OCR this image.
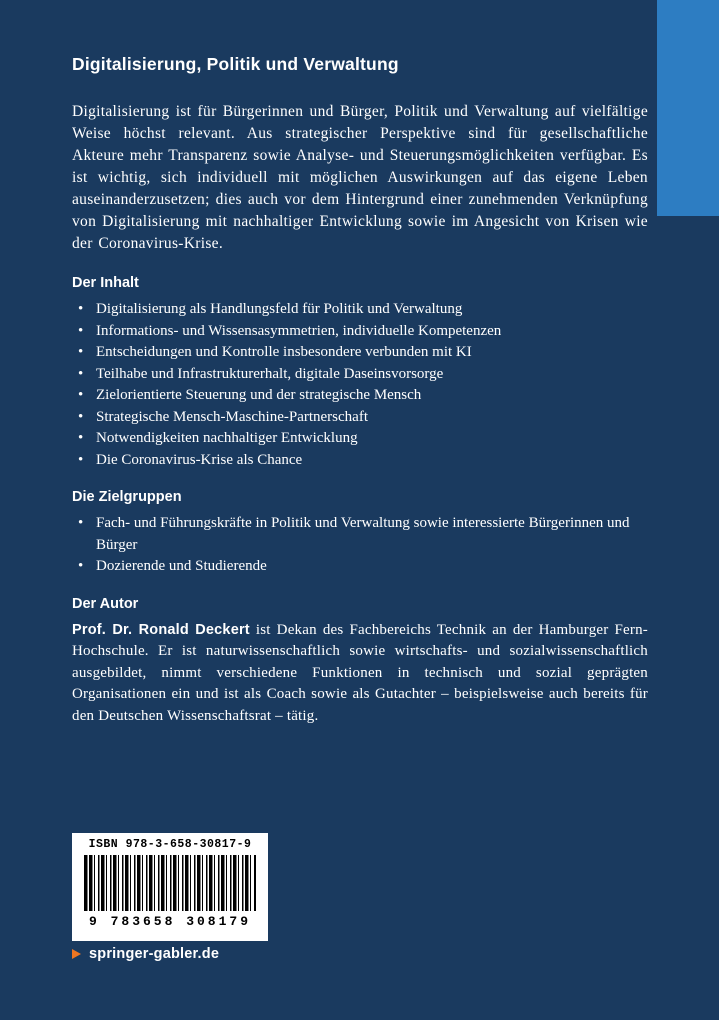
Digitalisierung, Politik und Verwaltung

Digitalisierung ist für Bürgerinnen und Bürger, Politik und Verwaltung auf vielfältige Weise höchst relevant. Aus strategischer Perspektive sind für gesellschaftliche Akteure mehr Transparenz sowie Analyse- und Steuerungsmöglichkeiten verfügbar. Es ist wichtig, sich individuell mit möglichen Auswirkungen auf das eigene Leben auseinanderzusetzen; dies auch vor dem Hintergrund einer zunehmenden Verknüpfung von Digitalisierung mit nachhaltiger Entwicklung sowie im Angesicht von Krisen wie der Coronavirus-Krise.

Der Inhalt
• Digitalisierung als Handlungsfeld für Politik und Verwaltung
• Informations- und Wissensasymmetrien, individuelle Kompetenzen
• Entscheidungen und Kontrolle insbesondere verbunden mit KI
• Teilhabe und Infrastrukturerhalt, digitale Daseinsvorsorge
• Zielorientierte Steuerung und der strategische Mensch
• Strategische Mensch-Maschine-Partnerschaft
• Notwendigkeiten nachhaltiger Entwicklung
• Die Coronavirus-Krise als Chance
Die Zielgruppen
• Fach- und Führungskräfte in Politik und Verwaltung sowie interessierte Bürgerinnen und Bürger
• Dozierende und Studierende
Der Autor

Prof. Dr. Ronald Deckert ist Dekan des Fachbereichs Technik an der Hamburger Fern-Hochschule. Er ist naturwissenschaftlich sowie wirtschafts- und sozialwissenschaftlich ausgebildet, nimmt verschiedene Funktionen in technisch und sozial geprägten Organisationen ein und ist als Coach sowie als Gutachter – beispielsweise auch bereits für den Deutschen Wissenschaftsrat – tätig.

ISBN 978-3-658-30817-9
9 783658 308179
springer-gabler.de
